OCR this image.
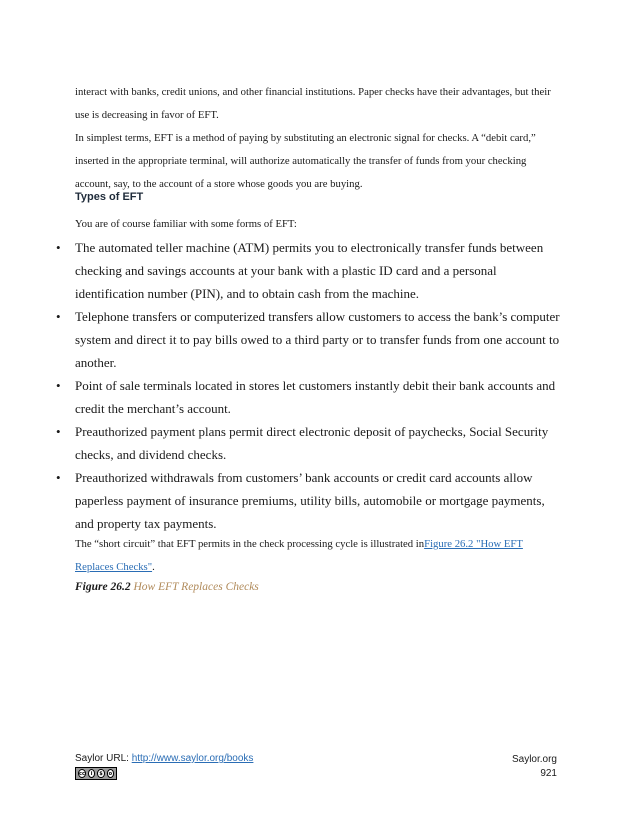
interact with banks, credit unions, and other financial institutions. Paper checks have their advantages, but their use is decreasing in favor of EFT.

In simplest terms, EFT is a method of paying by substituting an electronic signal for checks. A “debit card,” inserted in the appropriate terminal, will authorize automatically the transfer of funds from your checking account, say, to the account of a store whose goods you are buying.

Types of EFT

You are of course familiar with some forms of EFT:

• The automated teller machine (ATM) permits you to electronically transfer funds between checking and savings accounts at your bank with a plastic ID card and a personal identification number (PIN), and to obtain cash from the machine.
• Telephone transfers or computerized transfers allow customers to access the bank’s computer system and direct it to pay bills owed to a third party or to transfer funds from one account to another.
• Point of sale terminals located in stores let customers instantly debit their bank accounts and credit the merchant’s account.
• Preauthorized payment plans permit direct electronic deposit of paychecks, Social Security checks, and dividend checks.
• Preauthorized withdrawals from customers’ bank accounts or credit card accounts allow paperless payment of insurance premiums, utility bills, automobile or mortgage payments, and property tax payments.

The “short circuit” that EFT permits in the check processing cycle is illustrated inFigure 26.2 "How EFT Replaces Checks".

Figure 26.2 How EFT Replaces Checks

Saylor URL: http://www.saylor.org/books
cc	i	$	o
Saylor.org
921
